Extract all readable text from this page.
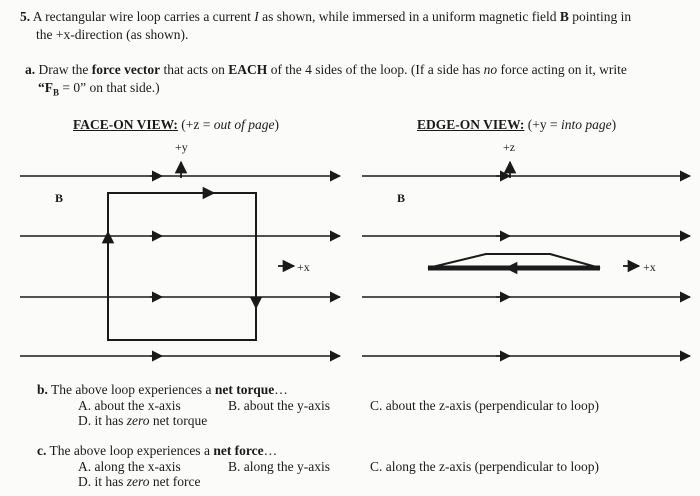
5. A rectangular wire loop carries a current I as shown, while immersed in a uniform magnetic field B pointing in
the +x-direction (as shown).
a. Draw the force vector that acts on EACH of the 4 sides of the loop. (If a side has no force acting on it, write
“$F_B = 0$” on that side.)
FACE-ON VIEW: (+z = out of page)	EDGE-ON VIEW: (+y = into page)
+y
+x
B
+z
+x
B
b. The above loop experiences a net torque…
A. about the x-axis	B. about the y-axis	C. about the z-axis (perpendicular to loop)
D. it has zero net torque
c. The above loop experiences a net force…
A. along the x-axis	B. along the y-axis	C. along the z-axis (perpendicular to loop)
D. it has zero net force
